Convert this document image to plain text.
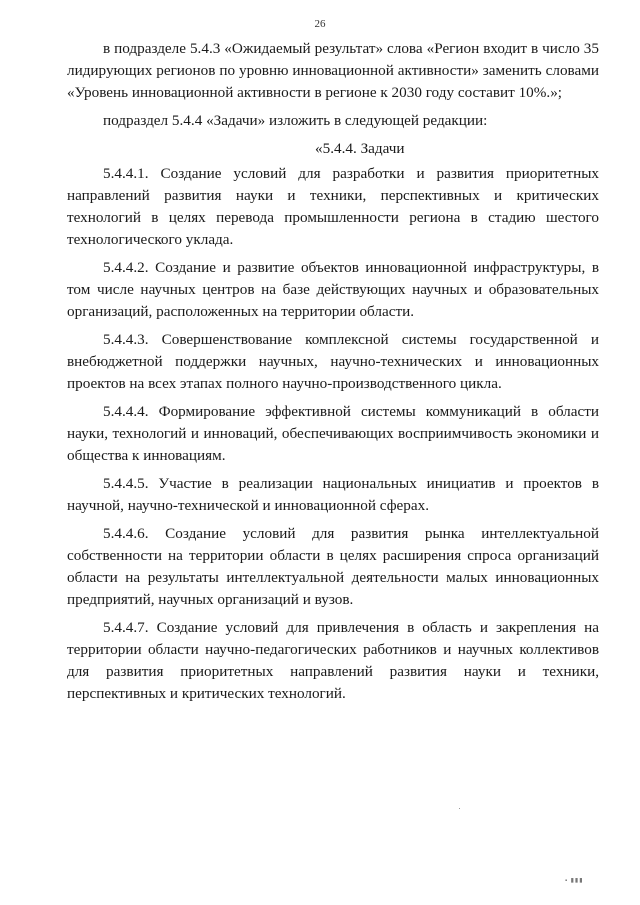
26

в подразделе 5.4.3 «Ожидаемый результат» слова «Регион входит в число 35 лидирующих регионов по уровню инновационной активности» заменить словами «Уровень инновационной активности в регионе к 2030 году составит 10%.»;

подраздел 5.4.4 «Задачи» изложить в следующей редакции:

«5.4.4. Задачи

5.4.4.1. Создание условий для разработки и развития приоритетных направлений развития науки и техники, перспективных и критических технологий в целях перевода промышленности региона в стадию шестого технологического уклада.

5.4.4.2. Создание и развитие объектов инновационной инфраструктуры, в том числе научных центров на базе действующих научных и образовательных организаций, расположенных на территории области.

5.4.4.3. Совершенствование комплексной системы государственной и внебюджетной поддержки научных, научно-технических и инновационных проектов на всех этапах полного научно-производственного цикла.

5.4.4.4. Формирование эффективной системы коммуникаций в области науки, технологий и инноваций, обеспечивающих восприимчивость экономики и общества к инновациям.

5.4.4.5. Участие в реализации национальных инициатив и проектов в научной, научно-технической и инновационной сферах.

5.4.4.6. Создание условий для развития рынка интеллектуальной собственности на территории области в целях расширения спроса организаций области на результаты интеллектуальной деятельности малых инновационных предприятий, научных организаций и вузов.

5.4.4.7. Создание условий для привлечения в область и закрепления на территории области научно-педагогических работников и научных коллективов для развития приоритетных направлений развития науки и техники, перспективных и критических технологий.

▪ ▮▮▮
